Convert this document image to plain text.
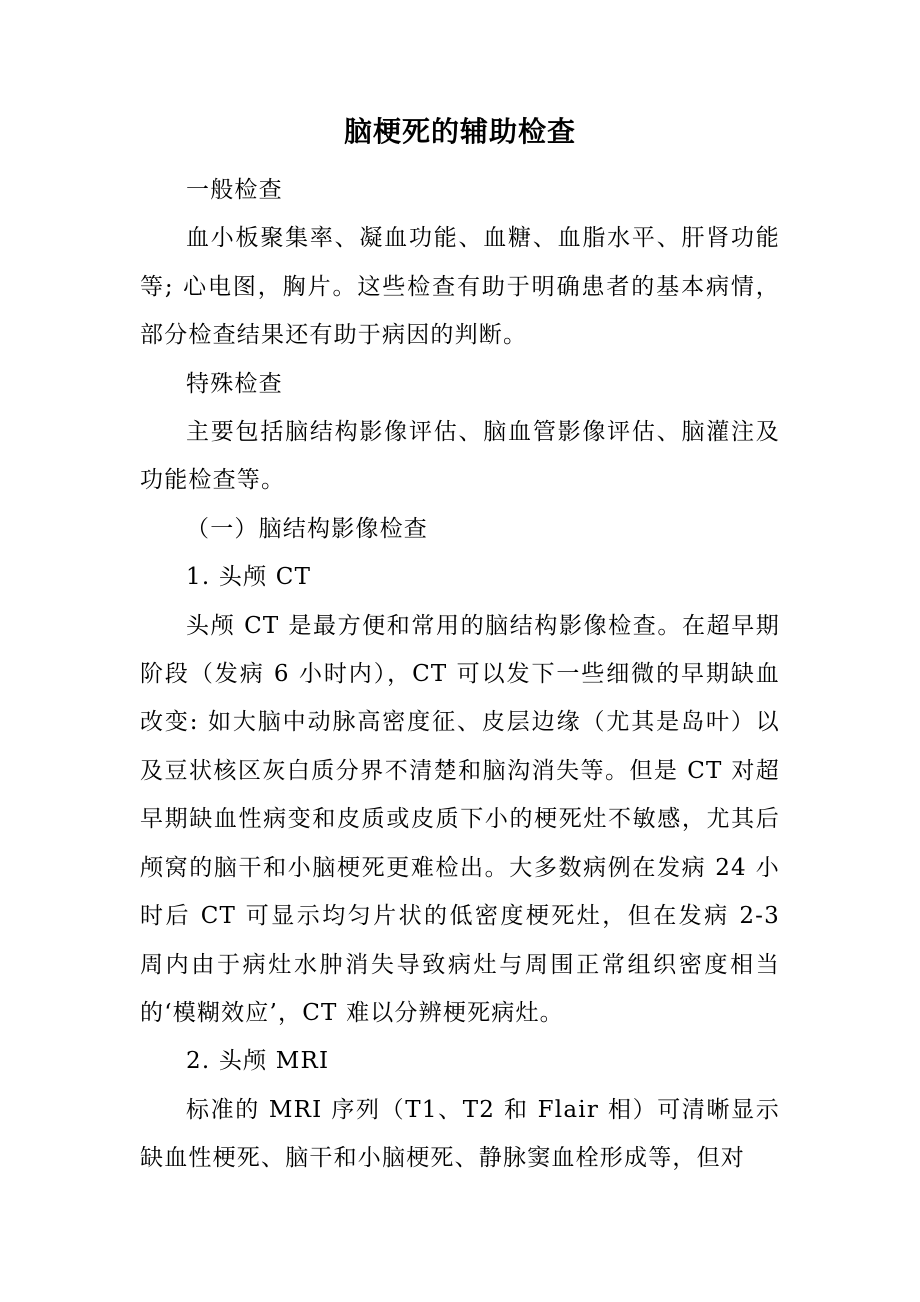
脑梗死的辅助检查

一般检查

血小板聚集率、凝血功能、血糖、血脂水平、肝肾功能等; 心电图，胸片。这些检查有助于明确患者的基本病情，部分检查结果还有助于病因的判断。

特殊检查

主要包括脑结构影像评估、脑血管影像评估、脑灌注及功能检查等。

（一）脑结构影像检查

1. 头颅 CT

头颅 CT 是最方便和常用的脑结构影像检查。在超早期阶段（发病 6 小时内），CT 可以发下一些细微的早期缺血改变: 如大脑中动脉高密度征、皮层边缘（尤其是岛叶）以及豆状核区灰白质分界不清楚和脑沟消失等。但是 CT 对超早期缺血性病变和皮质或皮质下小的梗死灶不敏感，尤其后颅窝的脑干和小脑梗死更难检出。大多数病例在发病 24 小时后 CT 可显示均匀片状的低密度梗死灶，但在发病 2-3 周内由于病灶水肿消失导致病灶与周围正常组织密度相当的‘模糊效应’，CT 难以分辨梗死病灶。

2. 头颅 MRI

标准的 MRI 序列（T1、T2 和 Flair 相）可清晰显示缺血性梗死、脑干和小脑梗死、静脉窦血栓形成等，但对
